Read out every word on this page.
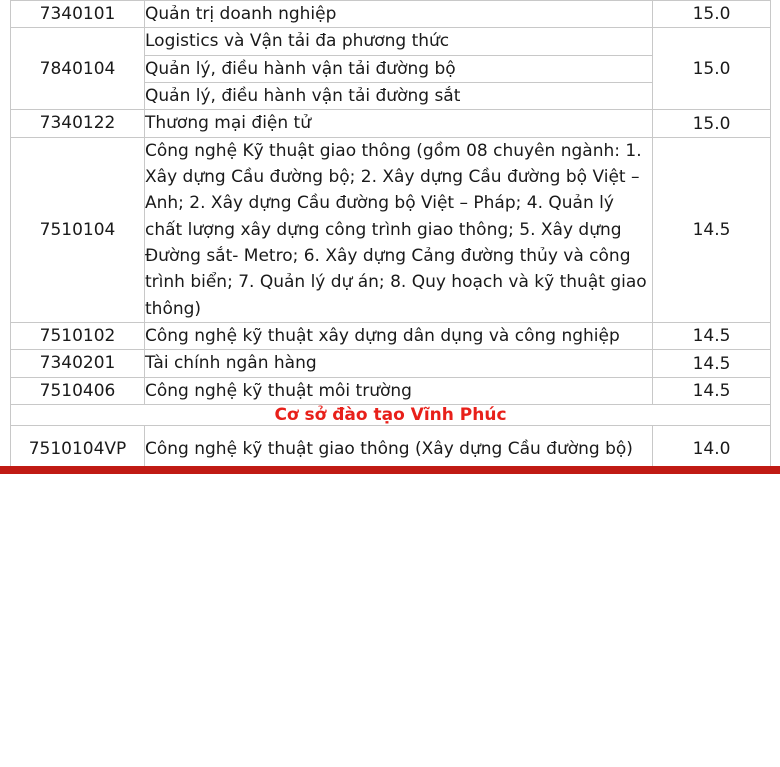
7340101	Quản trị doanh nghiệp	15.0
7840104	Logistics và Vận tải đa phương thức	15.0
	Quản lý, điều hành vận tải đường bộ	
	Quản lý, điều hành vận tải đường sắt	
7340122	Thương mại điện tử	15.0
7510104	Công nghệ Kỹ thuật giao thông (gồm 08 chuyên ngành: 1. Xây dựng Cầu đường bộ; 2. Xây dựng Cầu đường bộ Việt – Anh; 2. Xây dựng Cầu đường bộ Việt – Pháp; 4. Quản lý chất lượng xây dựng công trình giao thông; 5. Xây dựng Đường sắt- Metro; 6. Xây dựng Cảng đường thủy và công trình biển; 7. Quản lý dự án; 8. Quy hoạch và kỹ thuật giao thông)	14.5
7510102	Công nghệ kỹ thuật xây dựng dân dụng và công nghiệp	14.5
7340201	Tài chính ngân hàng	14.5
7510406	Công nghệ kỹ thuật môi trường	14.5
Cơ sở đào tạo Vĩnh Phúc		
7510104VP	Công nghệ kỹ thuật giao thông (Xây dựng Cầu đường bộ)	14.0
